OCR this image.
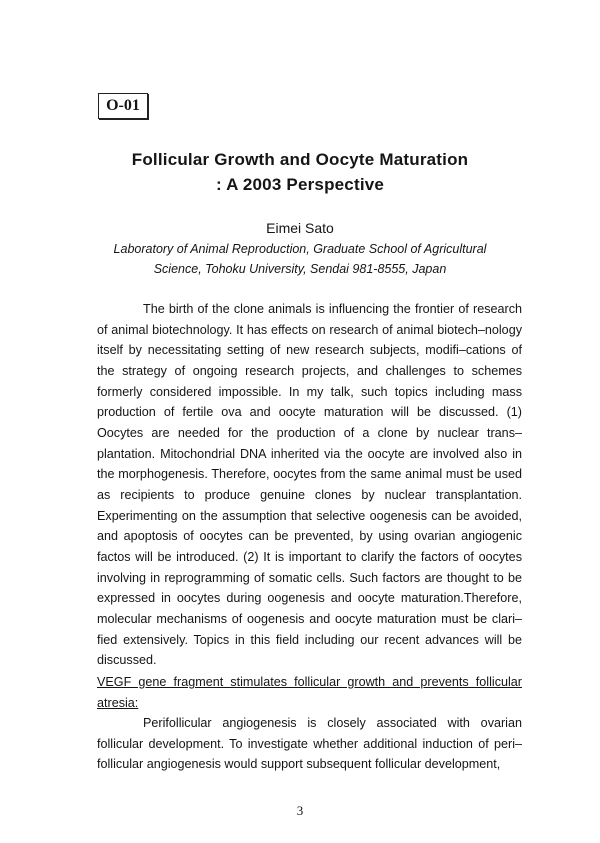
O-01
Follicular Growth and Oocyte Maturation
: A 2003 Perspective
Eimei Sato
Laboratory of Animal Reproduction, Graduate School of Agricultural
Science, Tohoku University, Sendai 981-8555, Japan

The birth of the clone animals is influencing the frontier of research of animal biotechnology. It has effects on research of animal biotech–nology itself by necessitating setting of new research subjects, modifi–cations of the strategy of ongoing research projects, and challenges to schemes formerly considered impossible. In my talk, such topics including mass production of fertile ova and oocyte maturation will be discussed. (1) Oocytes are needed for the production of a clone by nuclear trans–plantation. Mitochondrial DNA inherited via the oocyte are involved also in the morphogenesis. Therefore, oocytes from the same animal must be used as recipients to produce genuine clones by nuclear transplantation. Experimenting on the assumption that selective oogenesis can be avoided, and apoptosis of oocytes can be prevented, by using ovarian angiogenic factos will be introduced. (2) It is important to clarify the factors of oocytes involving in reprogramming of somatic cells. Such factors are thought to be expressed in oocytes during oogenesis and oocyte maturation.Therefore, molecular mechanisms of oogenesis and oocyte maturation must be clari–fied extensively. Topics in this field including our recent advances will be discussed.

VEGF gene fragment stimulates follicular growth and prevents follicular atresia:

Perifollicular angiogenesis is closely associated with ovarian follicular development. To investigate whether additional induction of peri–follicular angiogenesis would support subsequent follicular development,

3
